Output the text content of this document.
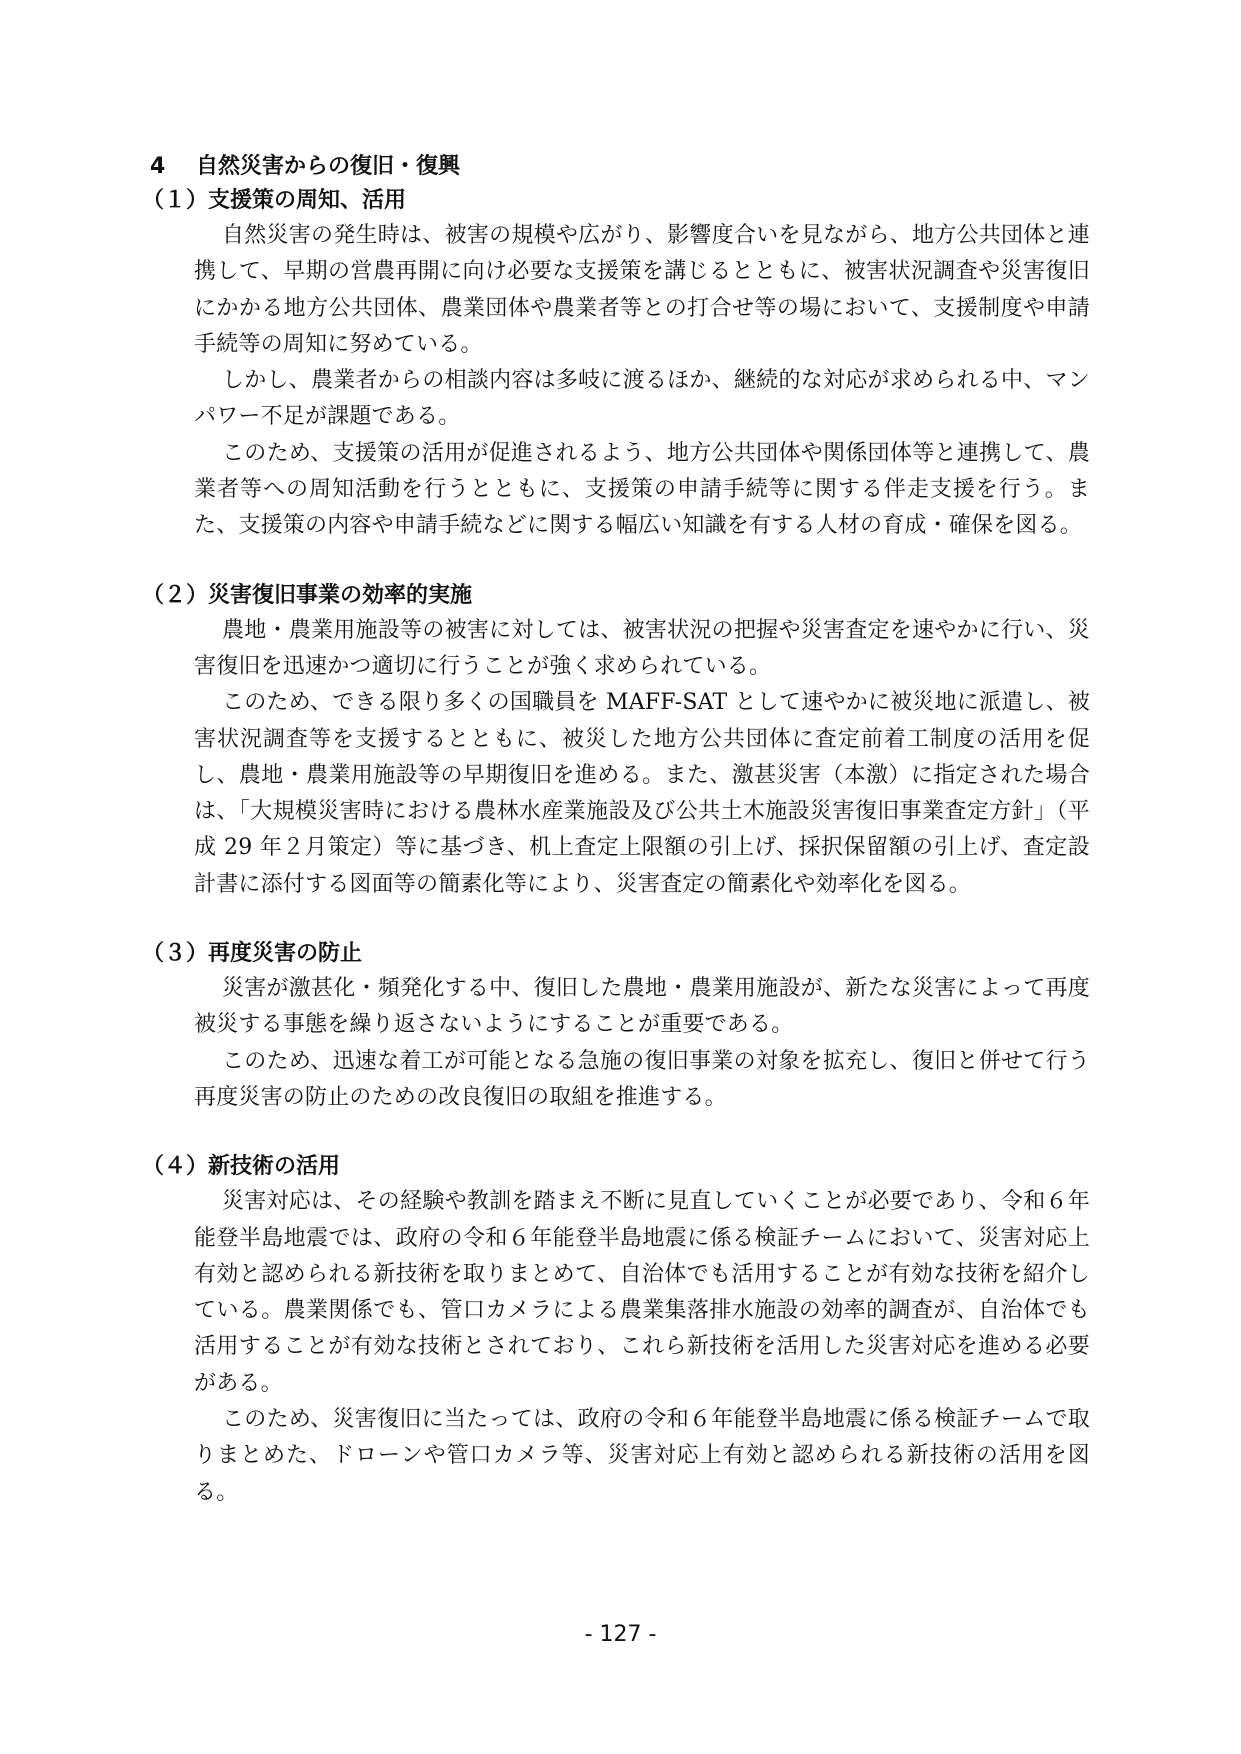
4 自然災害からの復旧・復興
（１）支援策の周知、活用

自然災害の発生時は、被害の規模や広がり、影響度合いを見ながら、地方公共団体と連携して、早期の営農再開に向け必要な支援策を講じるとともに、被害状況調査や災害復旧にかかる地方公共団体、農業団体や農業者等との打合せ等の場において、支援制度や申請手続等の周知に努めている。

しかし、農業者からの相談内容は多岐に渡るほか、継続的な対応が求められる中、マンパワー不足が課題である。

このため、支援策の活用が促進されるよう、地方公共団体や関係団体等と連携して、農業者等への周知活動を行うとともに、支援策の申請手続等に関する伴走支援を行う。また、支援策の内容や申請手続などに関する幅広い知識を有する人材の育成・確保を図る。

（２）災害復旧事業の効率的実施

農地・農業用施設等の被害に対しては、被害状況の把握や災害査定を速やかに行い、災害復旧を迅速かつ適切に行うことが強く求められている。

このため、できる限り多くの国職員を MAFF-SAT として速やかに被災地に派遣し、被害状況調査等を支援するとともに、被災した地方公共団体に査定前着工制度の活用を促し、農地・農業用施設等の早期復旧を進める。また、激甚災害（本激）に指定された場合は、「大規模災害時における農林水産業施設及び公共土木施設災害復旧事業査定方針」（平成 29 年２月策定）等に基づき、机上査定上限額の引上げ、採択保留額の引上げ、査定設計書に添付する図面等の簡素化等により、災害査定の簡素化や効率化を図る。

（３）再度災害の防止

災害が激甚化・頻発化する中、復旧した農地・農業用施設が、新たな災害によって再度被災する事態を繰り返さないようにすることが重要である。

このため、迅速な着工が可能となる急施の復旧事業の対象を拡充し、復旧と併せて行う再度災害の防止のための改良復旧の取組を推進する。

（４）新技術の活用

災害対応は、その経験や教訓を踏まえ不断に見直していくことが必要であり、令和６年能登半島地震では、政府の令和６年能登半島地震に係る検証チームにおいて、災害対応上有効と認められる新技術を取りまとめて、自治体でも活用することが有効な技術を紹介している。農業関係でも、管口カメラによる農業集落排水施設の効率的調査が、自治体でも活用することが有効な技術とされており、これら新技術を活用した災害対応を進める必要がある。

このため、災害復旧に当たっては、政府の令和６年能登半島地震に係る検証チームで取りまとめた、ドローンや管口カメラ等、災害対応上有効と認められる新技術の活用を図る。

- 127 -
